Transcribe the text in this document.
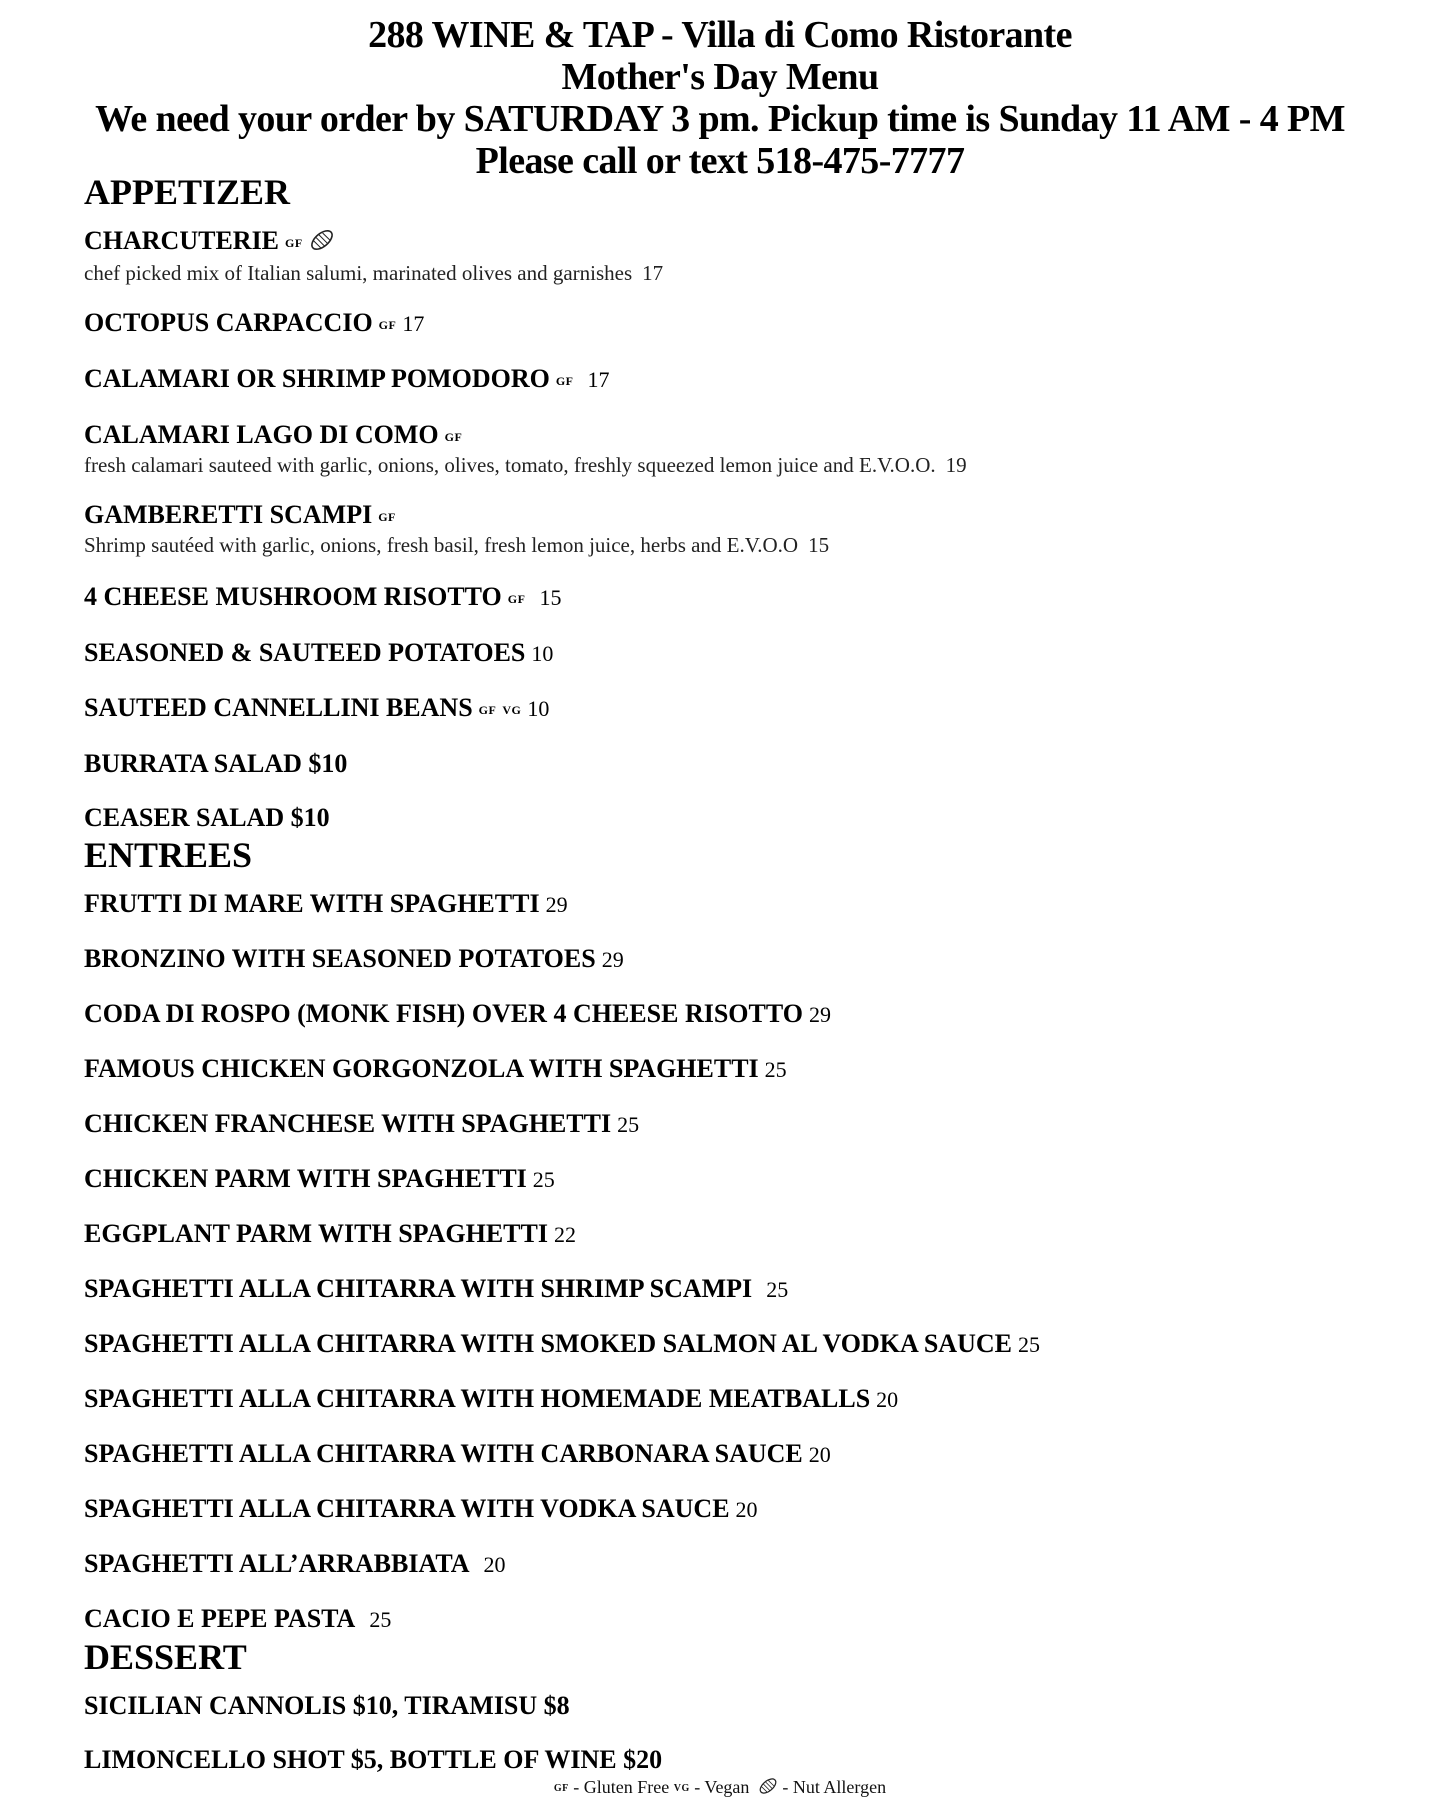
288 WINE & TAP - Villa di Como Ristorante
Mother's Day Menu
We need your order by SATURDAY 3 pm. Pickup time is Sunday 11 AM - 4 PM
Please call or text 518-475-7777
APPETIZER
CHARCUTERIE GF
chef picked mix of Italian salumi, marinated olives and garnishes 17
OCTOPUS CARPACCIO GF 17
CALAMARI OR SHRIMP POMODORO GF 17
CALAMARI LAGO DI COMO GF
fresh calamari sauteed with garlic, onions, olives, tomato, freshly squeezed lemon juice and E.V.O.O. 19
GAMBERETTI SCAMPI GF
Shrimp sautéed with garlic, onions, fresh basil, fresh lemon juice, herbs and E.V.O.O 15
4 CHEESE MUSHROOM RISOTTO GF 15
SEASONED & SAUTEED POTATOES 10
SAUTEED CANNELLINI BEANS GF VG 10
BURRATA SALAD $10
CEASER SALAD $10
ENTREES
FRUTTI DI MARE WITH SPAGHETTI 29
BRONZINO WITH SEASONED POTATOES 29
CODA DI ROSPO (MONK FISH) OVER 4 CHEESE RISOTTO 29
FAMOUS CHICKEN GORGONZOLA WITH SPAGHETTI 25
CHICKEN FRANCHESE WITH SPAGHETTI 25
CHICKEN PARM WITH SPAGHETTI 25
EGGPLANT PARM WITH SPAGHETTI 22
SPAGHETTI ALLA CHITARRA WITH SHRIMP SCAMPI 25
SPAGHETTI ALLA CHITARRA WITH SMOKED SALMON AL VODKA SAUCE 25
SPAGHETTI ALLA CHITARRA WITH HOMEMADE MEATBALLS 20
SPAGHETTI ALLA CHITARRA WITH CARBONARA SAUCE 20
SPAGHETTI ALLA CHITARRA WITH VODKA SAUCE 20
SPAGHETTI ALL’ARRABBIATA 20
CACIO E PEPE PASTA 25
DESSERT
SICILIAN CANNOLIS $10, TIRAMISU $8
LIMONCELLO SHOT $5, BOTTLE OF WINE $20
GF - Gluten Free VG - Vegan  - Nut Allergen
